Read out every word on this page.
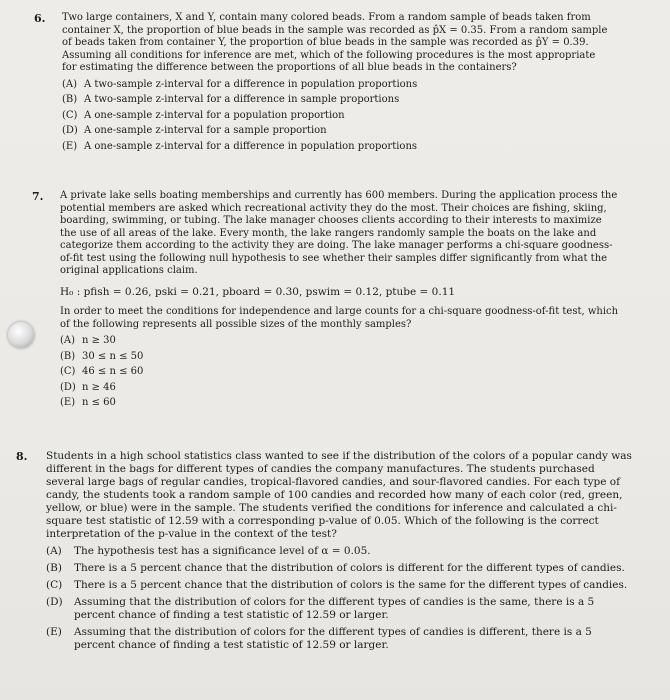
6. Two large containers, X and Y, contain many colored beads. From a random sample of beads taken from container X, the proportion of blue beads in the sample was recorded as p̂X = 0.35. From a random sample of beads taken from container Y, the proportion of blue beads in the sample was recorded as p̂Y = 0.39. Assuming all conditions for inference are met, which of the following procedures is the most appropriate for estimating the difference between the proportions of all blue beads in the containers?
(A) A two-sample z-interval for a difference in population proportions
(B) A two-sample z-interval for a difference in sample proportions
(C) A one-sample z-interval for a population proportion
(D) A one-sample z-interval for a sample proportion
(E) A one-sample z-interval for a difference in population proportions
7. A private lake sells boating memberships and currently has 600 members. During the application process the potential members are asked which recreational activity they do the most. Their choices are fishing, skiing, boarding, swimming, or tubing. The lake manager chooses clients according to their interests to maximize the use of all areas of the lake. Every month, the lake rangers randomly sample the boats on the lake and categorize them according to the activity they are doing. The lake manager performs a chi-square goodness-of-fit test using the following null hypothesis to see whether their samples differ significantly from what the original applications claim.
H₀ : pfish = 0.26, pski = 0.21, pboard = 0.30, pswim = 0.12, ptube = 0.11
In order to meet the conditions for independence and large counts for a chi-square goodness-of-fit test, which of the following represents all possible sizes of the monthly samples?
(A) n ≥ 30
(B) 30 ≤ n ≤ 50
(C) 46 ≤ n ≤ 60
(D) n ≥ 46
(E) n ≤ 60
8. Students in a high school statistics class wanted to see if the distribution of the colors of a popular candy was different in the bags for different types of candies the company manufactures. The students purchased several large bags of regular candies, tropical-flavored candies, and sour-flavored candies. For each type of candy, the students took a random sample of 100 candies and recorded how many of each color (red, green, yellow, or blue) were in the sample. The students verified the conditions for inference and calculated a chi-square test statistic of 12.59 with a corresponding p-value of 0.05. Which of the following is the correct interpretation of the p-value in the context of the test?
(A)	The hypothesis test has a significance level of α = 0.05.
(B)	There is a 5 percent chance that the distribution of colors is different for the different types of candies.
(C)	There is a 5 percent chance that the distribution of colors is the same for the different types of candies.
(D)	Assuming that the distribution of colors for the different types of candies is the same, there is a 5 percent chance of finding a test statistic of 12.59 or larger.
(E)	Assuming that the distribution of colors for the different types of candies is different, there is a 5 percent chance of finding a test statistic of 12.59 or larger.
